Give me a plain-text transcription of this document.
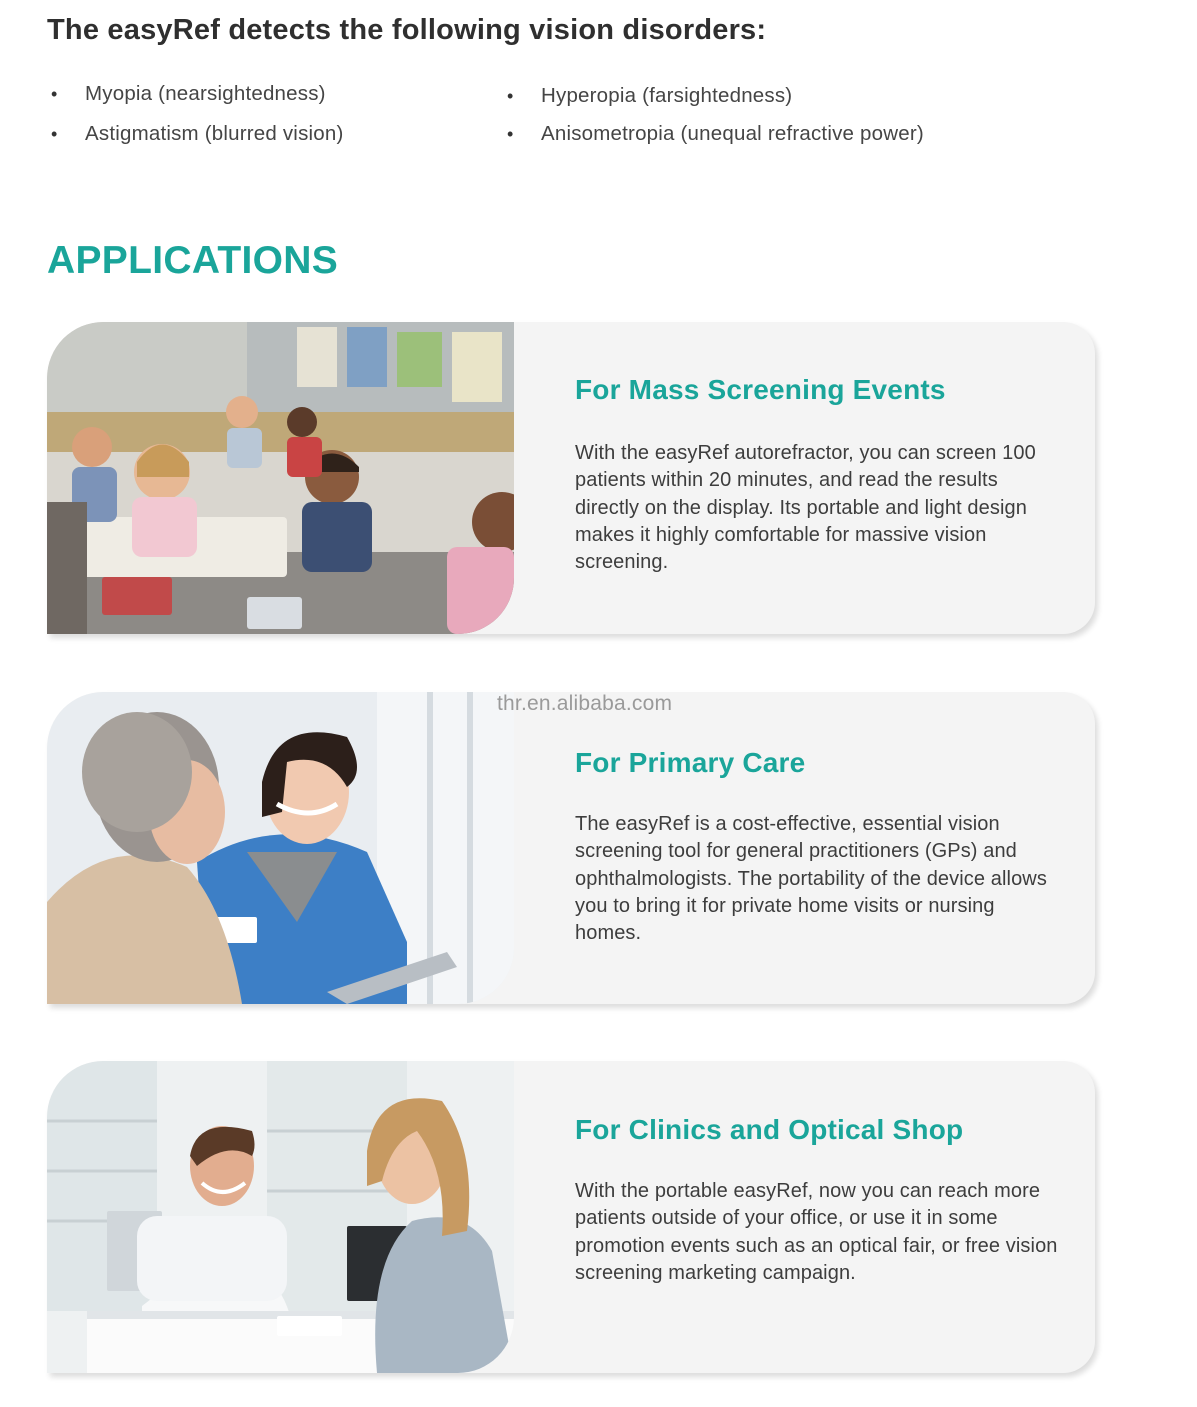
The easyRef detects the following vision disorders:
• Myopia (nearsightedness)	• Hyperopia (farsightedness)
• Astigmatism (blurred vision)	• Anisometropia (unequal refractive power)
APPLICATIONS
For Mass Screening Events

With the easyRef autorefractor, you can screen 100 patients within 20 minutes, and read the results directly on the display. Its portable and light design makes it highly comfortable for massive vision screening.

For Primary Care

The easyRef is a cost-effective, essential vision screening tool for general practitioners (GPs) and ophthalmologists. The portability of the device allows you to bring it for private home visits or nursing homes.

For Clinics and Optical Shop

With the portable easyRef, now you can reach more patients outside of your office, or use it in some promotion events such as an optical fair, or free vision screening marketing campaign.

thr.en.alibaba.com
